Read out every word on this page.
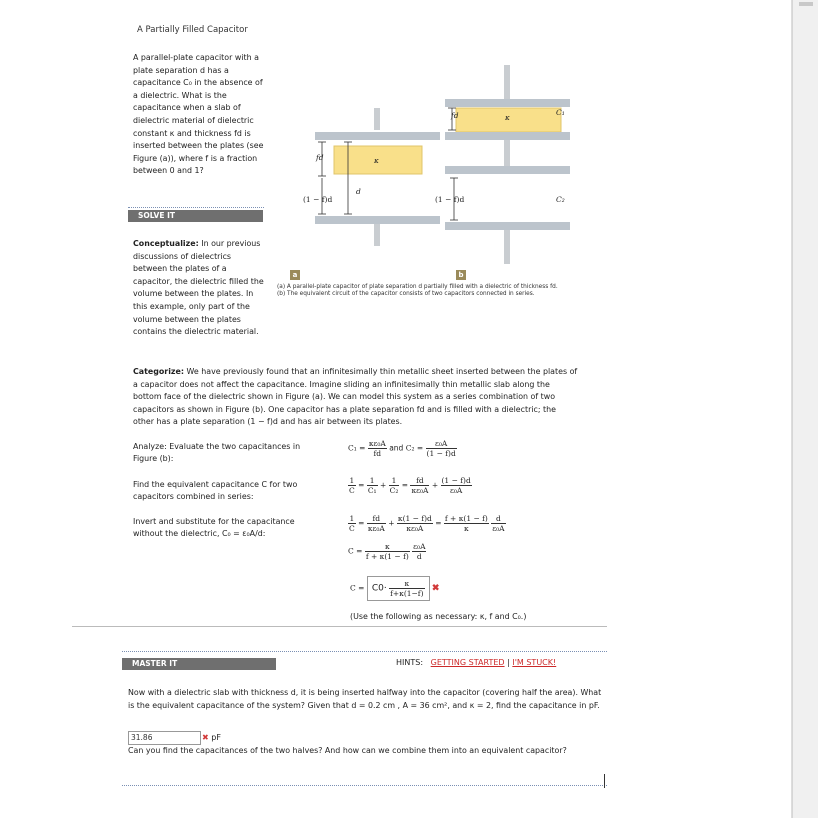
A Partially Filled Capacitor
A parallel-plate capacitor with a plate separation d has a capacitance C₀ in the absence of a dielectric. What is the capacitance when a slab of dielectric material of dielectric constant κ and thickness fd is inserted between the plates (see Figure (a)), where f is a fraction between 0 and 1?
SOLVE IT
Conceptualize: In our previous discussions of dielectrics between the plates of a capacitor, the dielectric filled the volume between the plates. In this example, only part of the volume between the plates contains the dielectric material.
fd
(1 − f)d
d
κ
fd	κ
C₁
(1 − f)d	C₂
a	b
(a) A parallel-plate capacitor of plate separation d partially filled with a dielectric of thickness fd. (b) The equivalent circuit of the capacitor consists of two capacitors connected in series.
Categorize: We have previously found that an infinitesimally thin metallic sheet inserted between the plates of a capacitor does not affect the capacitance. Imagine sliding an infinitesimally thin metallic slab along the bottom face of the dielectric shown in Figure (a). We can model this system as a series combination of two capacitors as shown in Figure (b). One capacitor has a plate separation fd and is filled with a dielectric; the other has a plate separation (1 − f)d and has air between its plates.
Analyze: Evaluate the two capacitances in Figure (b):
Find the equivalent capacitance C for two capacitors combined in series:
Invert and substitute for the capacitance without the dielectric, C₀ = ε₀A/d:
$C_1 = \frac{\text{κε₀A}}{fd}$ and $C_2 = \frac{\text{ε₀A}}{(1 - f)d}$
$\frac{1}{C} = \frac{1}{\text{C₁}} + \frac{1}{\text{C₂}} = \frac{fd}{\text{κε₀A}} + \frac{(1 - f)d}{\text{ε₀A}}$
$\frac{1}{C} = \frac{fd}{\text{κε₀A}} + \frac{\kappa(1 - f)d}{\text{κε₀A}} = \frac{f + \kappa(1 - f)}{\kappa}$
$\frac{d}{\text{ε₀A}}$
$C = \frac{\kappa}{f + \kappa(1 - f)}$
$\frac{\text{ε₀A}}{d}$
$C = C0\cdot \frac{\kappa}{f+\kappa(1-f)}$ ✖
(Use the following as necessary: κ, f and C₀.)
MASTER IT	HINTS: GETTING STARTED | I'M STUCK!
Now with a dielectric slab with thickness d, it is being inserted halfway into the capacitor (covering half the area). What is the equivalent capacitance of the system? Given that d = 0.2 cm , A = 36 cm², and κ = 2, find the capacitance in pF.
31.86	✖ pF
Can you find the capacitances of the two halves? And how can we combine them into an equivalent capacitor?
